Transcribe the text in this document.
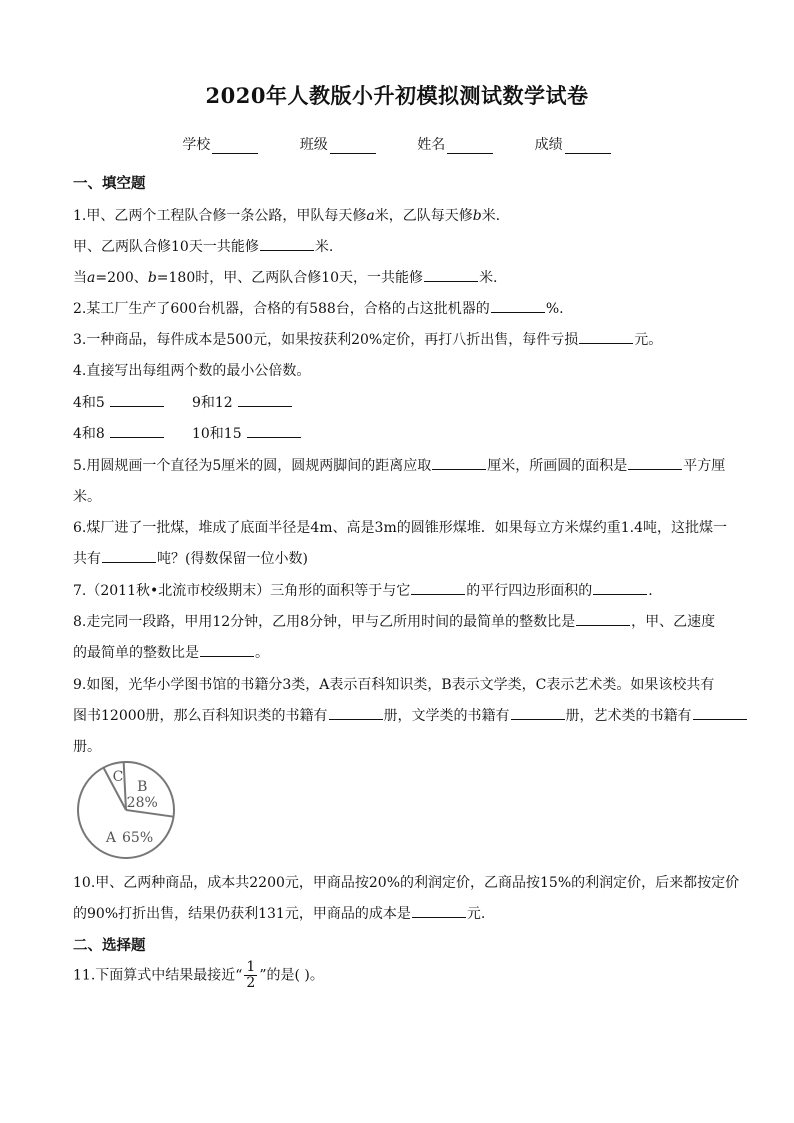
2020年人教版小升初模拟测试数学试卷
学校	班级	姓名	成绩
一、填空题
1.甲、乙两个工程队合修一条公路，甲队每天修a米，乙队每天修b米.
甲、乙两队合修10天一共能修	米.
当a=200、b=180时，甲、乙两队合修10天，一共能修	米.
2.某工厂生产了600台机器，合格的有588台，合格的占这批机器的	%.
3.一种商品，每件成本是500元，如果按获利20%定价，再打八折出售，每件亏损	元。
4.直接写出每组两个数的最小公倍数。
4和5	9和12
4和8	10和15
5.用圆规画一个直径为5厘米的圆，圆规两脚间的距离应取	厘米，所画圆的面积是	平方厘
米。
6.煤厂进了一批煤，堆成了底面半径是4m、高是3m的圆锥形煤堆．如果每立方米煤约重1.4吨，这批煤一
共有	吨？(得数保留一位小数)
7.（2011秋•北流市校级期末）三角形的面积等于与它	的平行四边形面积的	.
8.走完同一段路，甲用12分钟，乙用8分钟，甲与乙所用时间的最简单的整数比是	，甲、乙速度
的最简单的整数比是	。
9.如图，光华小学图书馆的书籍分3类，A表示百科知识类，B表示文学类，C表示艺术类。如果该校共有
图书12000册，那么百科知识类的书籍有	册，文学类的书籍有	册，艺术类的书籍有
册。
C
B
28%
A 65%
10.甲、乙两种商品，成本共2200元，甲商品按20%的利润定价，乙商品按15%的利润定价，后来都按定价
的90%打折出售，结果仍获利131元，甲商品的成本是	元.
二、选择题
11.下面算式中结果最接近“ $\frac{1}{2}$ ”的是( )。
